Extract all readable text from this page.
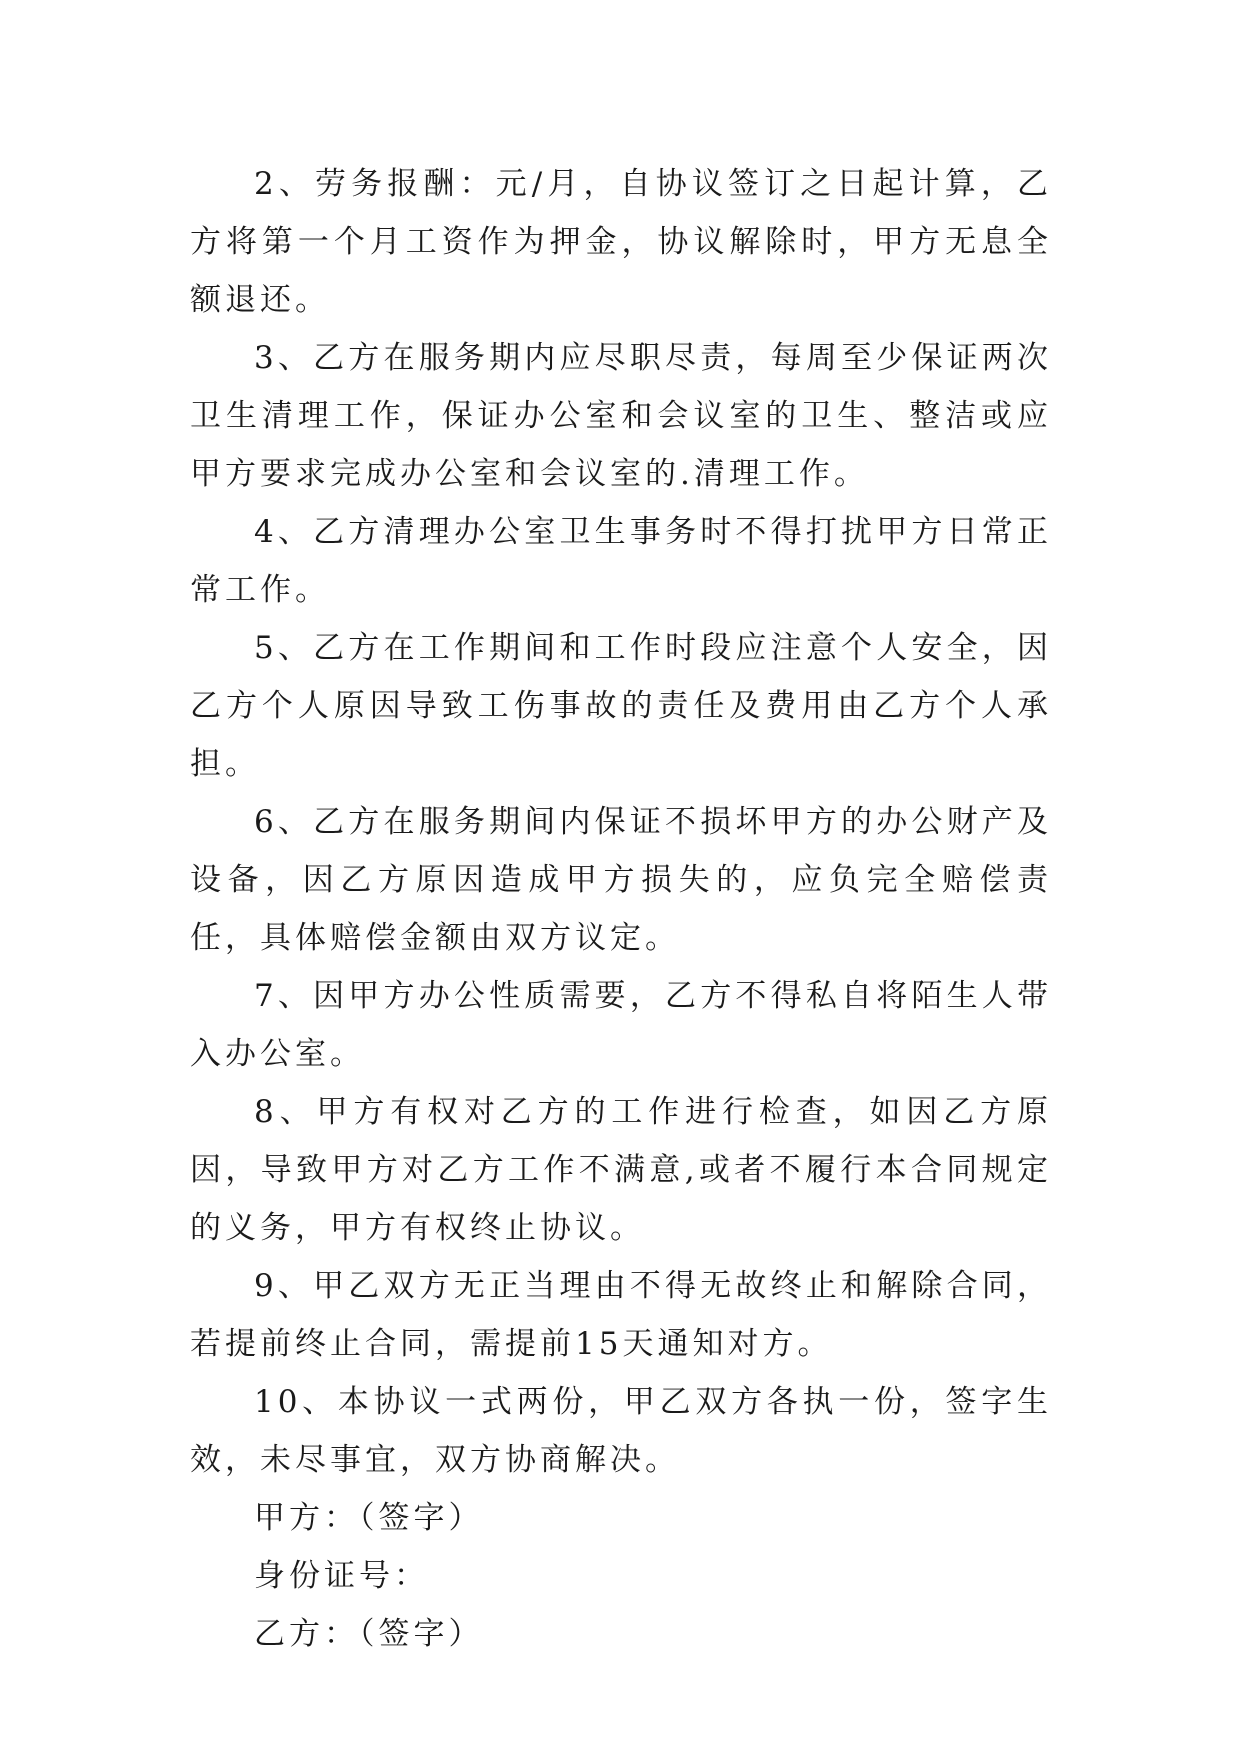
2、劳务报酬：元/月，自协议签订之日起计算，乙方将第一个月工资作为押金，协议解除时，甲方无息全额退还。

3、乙方在服务期内应尽职尽责，每周至少保证两次卫生清理工作，保证办公室和会议室的卫生、整洁或应甲方要求完成办公室和会议室的.清理工作。

4、乙方清理办公室卫生事务时不得打扰甲方日常正常工作。

5、乙方在工作期间和工作时段应注意个人安全，因乙方个人原因导致工伤事故的责任及费用由乙方个人承担。

6、乙方在服务期间内保证不损坏甲方的办公财产及设备，因乙方原因造成甲方损失的，应负完全赔偿责任，具体赔偿金额由双方议定。

7、因甲方办公性质需要，乙方不得私自将陌生人带入办公室。

8、甲方有权对乙方的工作进行检查，如因乙方原因，导致甲方对乙方工作不满意,或者不履行本合同规定的义务，甲方有权终止协议。

9、甲乙双方无正当理由不得无故终止和解除合同，若提前终止合同，需提前15天通知对方。

10、本协议一式两份，甲乙双方各执一份，签字生效，未尽事宜，双方协商解决。

甲方：（签字）

身份证号：

乙方：（签字）
